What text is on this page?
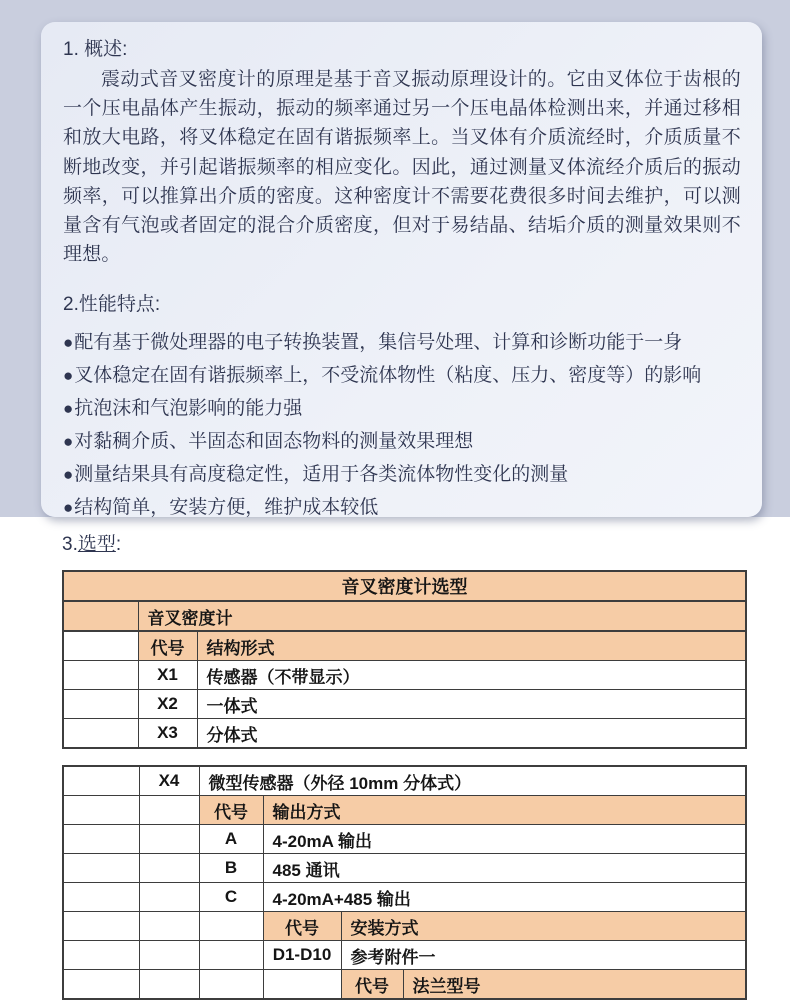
1. 概述:

震动式音叉密度计的原理是基于音叉振动原理设计的。它由叉体位于齿根的一个压电晶体产生振动，振动的频率通过另一个压电晶体检测出来，并通过移相和放大电路，将叉体稳定在固有谐振频率上。当叉体有介质流经时，介质质量不断地改变，并引起谐振频率的相应变化。因此，通过测量叉体流经介质后的振动频率，可以推算出介质的密度。这种密度计不需要花费很多时间去维护，可以测量含有气泡或者固定的混合介质密度，但对于易结晶、结垢介质的测量效果则不理想。

2.性能特点:
● 配有基于微处理器的电子转换装置，集信号处理、计算和诊断功能于一身
● 叉体稳定在固有谐振频率上，不受流体物性（粘度、压力、密度等）的影响
● 抗泡沫和气泡影响的能力强
● 对黏稠介质、半固态和固态物料的测量效果理想
● 测量结果具有高度稳定性，适用于各类流体物性变化的测量
● 结构简单，安装方便，维护成本较低
3.选型:
音叉密度计选型		
	音叉密度计	
	代号	结构形式
	X1	传感器（不带显示）
	X2	一体式
	X3	分体式
	X4	微型传感器（外径 10mm 分体式）			
		代号	输出方式		
		A	4-20mA 输出		
		B	485 通讯		
		C	4-20mA+485 输出		
			代号	安装方式	
			D1-D10	参考附件一	
				代号	法兰型号
